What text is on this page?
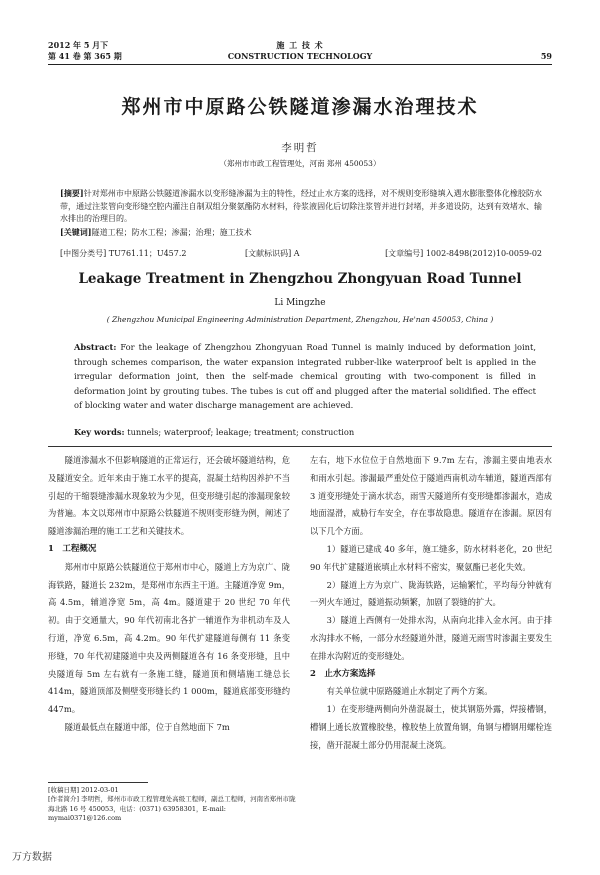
2012 年 5 月下
第 41 卷 第 365 期
施 工 技 术
CONSTRUCTION TECHNOLOGY	59
郑州市中原路公铁隧道渗漏水治理技术
李明哲
（郑州市市政工程管理处，河南 郑州 450053）
[摘要]针对郑州市中原路公铁隧道渗漏水以变形缝渗漏为主的特性，经过止水方案的选择，对不规则变形缝填入遇水膨胀整体化橡胶防水带，通过注浆管向变形缝空腔内灌注自制双组分聚氨酯防水材料，待浆液固化后切除注浆管并进行封堵，并多道设防，达到有效堵水、输水排出的治理目的。
[关键词]隧道工程；防水工程；渗漏；治理；施工技术
[中图分类号] TU761.11；U457.2	[文献标识码] A	[文章编号] 1002-8498(2012)10-0059-02
Leakage Treatment in Zhengzhou Zhongyuan Road Tunnel
Li Mingzhe
( Zhengzhou Municipal Engineering Administration Department, Zhengzhou, He'nan 450053, China )
Abstract: For the leakage of Zhengzhou Zhongyuan Road Tunnel is mainly induced by deformation joint, through schemes comparison, the water expansion integrated rubber-like waterproof belt is applied in the irregular deformation joint, then the self-made chemical grouting with two-component is filled in deformation joint by grouting tubes. The tubes is cut off and plugged after the material solidified. The effect of blocking water and water discharge management are achieved.
Key words: tunnels; waterproof; leakage; treatment; construction

隧道渗漏水不但影响隧道的正常运行，还会破坏隧道结构，危及隧道安全。近年来由于施工水平的提高，混凝土结构因养护不当引起的干缩裂缝渗漏水现象较为少见，但变形缝引起的渗漏现象较为普遍。本文以郑州市中原路公铁隧道不规则变形缝为例，阐述了隧道渗漏治理的施工工艺和关键技术。

1　工程概况

郑州市中原路公铁隧道位于郑州市中心，隧道上方为京广、陇海铁路，隧道长 232m，是郑州市东西主干道。主隧道净宽 9m，高 4.5m，辅道净宽 5m，高 4m。隧道建于 20 世纪 70 年代初。由于交通量大，90 年代初南北各扩一辅道作为非机动车及人行道，净宽 6.5m，高 4.2m。90 年代扩建隧道每侧有 11 条变形缝，70 年代初建隧道中央及两侧隧道各有 16 条变形缝，且中央隧道每 5m 左右就有一条施工缝，隧道顶和侧墙施工缝总长 414m，隧道顶部及侧壁变形缝长约 1 000m，隧道底部变形缝约 447m。

隧道最低点在隧道中部，位于自然地面下 7m

左右，地下水位位于自然地面下 9.7m 左右，渗漏主要由地表水和雨水引起。渗漏最严重处位于隧道西南机动车辅道，隧道西部有 3 道变形缝处于滴水状态，雨雪天隧道所有变形缝都渗漏水，造成地面湿滑，威胁行车安全，存在事故隐患。隧道存在渗漏。原因有以下几个方面。

1）隧道已建成 40 多年，施工缝多，防水材料老化，20 世纪 90 年代扩建隧道嵌填止水材料不密实，聚氨酯已老化失效。

2）隧道上方为京广、陇海铁路，运输繁忙，平均每分钟就有一列火车通过，隧道振动频繁，加剧了裂缝的扩大。

3）隧道上西侧有一处排水沟，从南向北排入金水河。由于排水沟排水不畅，一部分水经隧道外泄，隧道无雨雪时渗漏主要发生在排水沟附近的变形缝处。

2　止水方案选择

有关单位就中原路隧道止水制定了两个方案。

1）在变形缝两侧向外凿混凝土，使其钢筋外露，焊接槽钢，槽钢上通长放置橡胶垫，橡胶垫上放置角钢，角钢与槽钢用螺栓连接，凿开混凝土部分仍用混凝土浇筑。

[收稿日期] 2012-03-01
[作者简介] 李明哲，郑州市市政工程管理处高级工程师，副总工程师，河南省郑州市陇海北路 16 号 450053，电话：(0371) 63958301，E-mail: mymai0371@126.com
万方数据
